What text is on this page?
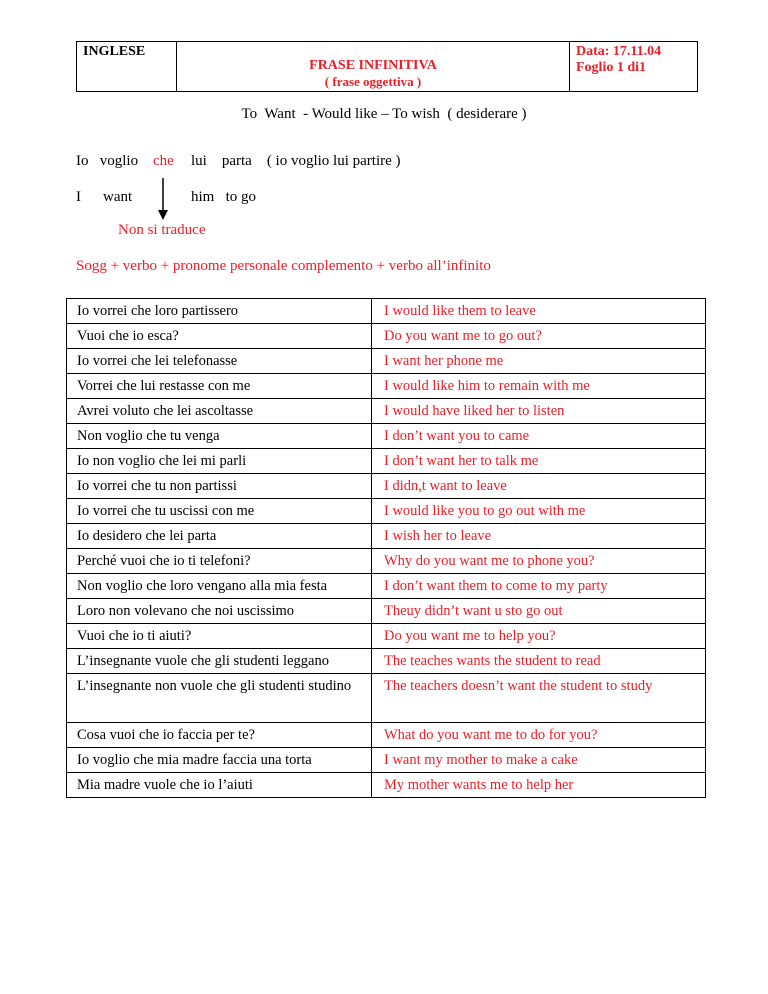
INGLESE
FRASE INFINITIVA
( frase oggettiva )
Data: 17.11.04
Foglio 1 di1
To  Want  - Would like – To wish  ( desiderare )
Io   voglio che lui    parta    ( io voglio lui partire )
I want	him   to go
Non si traduce
Sogg + verbo + pronome personale complemento + verbo all’infinito
Io vorrei che loro partissero	I would like them to leave
Vuoi che io esca?	Do you want me to go out?
Io vorrei che lei telefonasse	I want her phone me
Vorrei che lui restasse con me	I would like him to remain with me
Avrei voluto che lei ascoltasse	I would have liked her to listen
Non voglio che tu venga	I don’t want you to came
Io non voglio che lei mi parli	I don’t want her to talk me
Io vorrei che tu non partissi	I didn,t want to leave
Io vorrei che tu uscissi con me	I would like you to go out with me
Io desidero che lei parta	I wish her to leave
Perché vuoi che io ti telefoni?	Why do you want me to phone you?
Non voglio che loro vengano alla mia festa	I don’t want them to come to my party
Loro non volevano che noi uscissimo	Theuy didn’t want u sto go out
Vuoi che io ti aiuti?	Do you want me to help you?
L’insegnante vuole che gli studenti leggano	The teaches wants the student to read
L’insegnante non vuole che gli studenti studino	The teachers doesn’t want the student to study
Cosa vuoi che io faccia per te?	What do you want me to do for you?
Io voglio che mia madre faccia una torta	I want my mother to make a cake
Mia madre vuole che io l’aiuti	My mother wants me to help her
